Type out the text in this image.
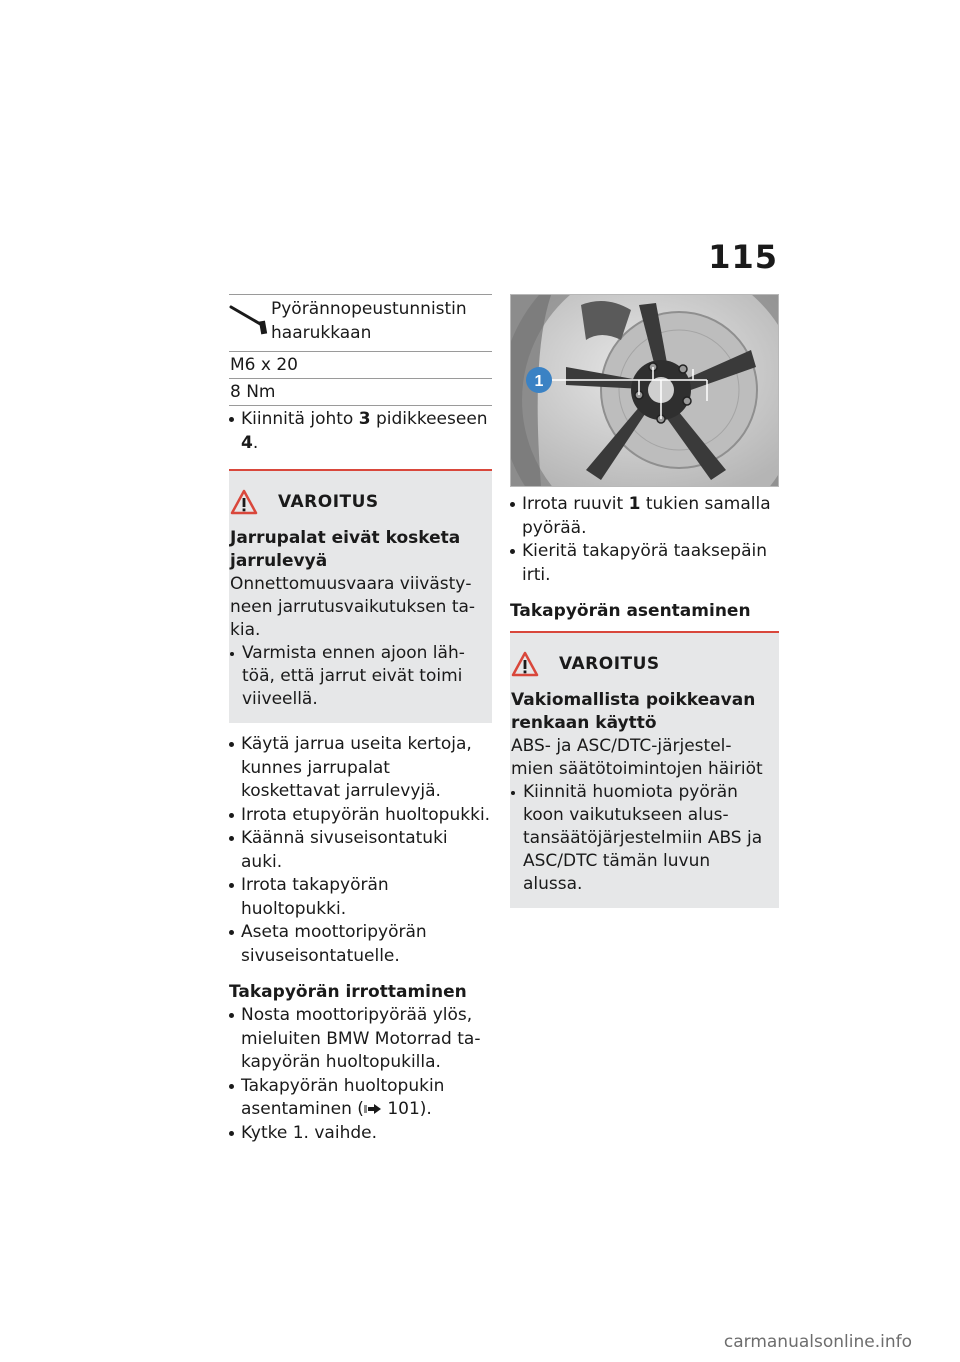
115
Pyörännopeustunnistin haarukkaan
M6 x 20
8 Nm
Kiinnitä johto 3 pidikkeeseen 4.
VAROITUS
Jarrupalat eivät kosketa jarrulevyä
Onnettomuusvaara viivästyneen jarrutusvaikutuksen takia.
Varmista ennen ajoon lähtöä, että jarrut eivät toimi viiveellä.
Käytä jarrua useita kertoja, kunnes jarrupalat koskettavat jarrulevyjä.
Irrota etupyörän huoltopukki.
Käännä sivuseisontatuki auki.
Irrota takapyörän huoltopukki.
Aseta moottoripyörän sivuseisontatuelle.
Takapyörän irrottaminen
Nosta moottoripyörää ylös, mieluiten BMW Motorrad takapyörän huoltopukilla.
Takapyörän huoltopukin asentaminen ( 101).
Kytke 1. vaihde.
1
Irrota ruuvit 1 tukien samalla pyörää.
Kieritä takapyörä taaksepäin irti.
Takapyörän asentaminen
VAROITUS
Vakiomallista poikkeavan renkaan käyttö
ABS- ja ASC/DTC-järjestelmien säätötoimintojen häiriöt
Kiinnitä huomiota pyörän koon vaikutukseen alustansäätöjärjestelmiin ABS ja ASC/DTC tämän luvun alussa.
carmanualsonline.info
